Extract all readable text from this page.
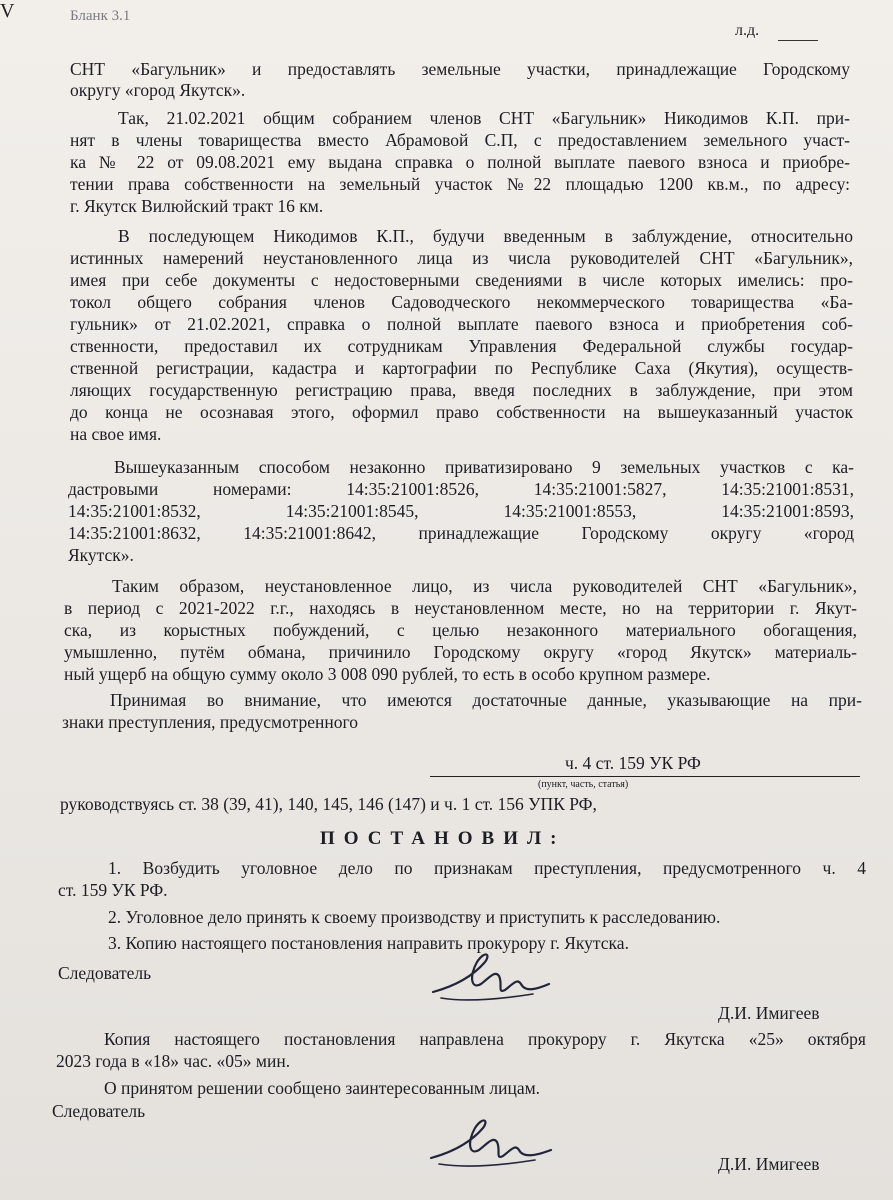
V	Бланк 3.1
л.д.
СНТ «Багульник» и предоставлять земельные участки, принадлежащие Городскому
округу «город Якутск».
Так, 21.02.2021 общим собранием членов СНТ «Багульник» Никодимов К.П. при-
нят в члены товарищества вместо Абрамовой С.П, с предоставлением земельного участ-
ка № 22 от 09.08.2021 ему выдана справка о полной выплате паевого взноса и приобре-
тении права собственности на земельный участок №22 площадью 1200 кв.м., по адресу:
г. Якутск Вилюйский тракт 16 км.
В последующем Никодимов К.П., будучи введенным в заблуждение, относительно
истинных намерений неустановленного лица из числа руководителей СНТ «Багульник»,
имея при себе документы с недостоверными сведениями в числе которых имелись: про-
токол общего собрания членов Садоводческого некоммерческого товарищества «Ба-
гульник» от 21.02.2021, справка о полной выплате паевого взноса и приобретения соб-
ственности, предоставил их сотрудникам Управления Федеральной службы государ-
ственной регистрации, кадастра и картографии по Республике Саха (Якутия), осуществ-
ляющих государственную регистрацию права, введя последних в заблуждение, при этом
до конца не осознавая этого, оформил право собственности на вышеуказанный участок
на свое имя.
Вышеуказанным способом незаконно приватизировано 9 земельных участков с ка-
дастровыми номерами: 14:35:21001:8526, 14:35:21001:5827, 14:35:21001:8531,
14:35:21001:8532, 14:35:21001:8545, 14:35:21001:8553, 14:35:21001:8593,
14:35:21001:8632, 14:35:21001:8642, принадлежащие Городскому округу «город
Якутск».
Таким образом, неустановленное лицо, из числа руководителей СНТ «Багульник»,
в период с 2021-2022 г.г., находясь в неустановленном месте, но на территории г. Якут-
ска, из корыстных побуждений, с целью незаконного материального обогащения,
умышленно, путём обмана, причинило Городскому округу «город Якутск» материаль-
ный ущерб на общую сумму около 3 008 090 рублей, то есть в особо крупном размере.
Принимая во внимание, что имеются достаточные данные, указывающие на при-
знаки преступления, предусмотренного
ч. 4 ст. 159 УК РФ
(пункт, часть, статья)
руководствуясь ст. 38 (39, 41), 140, 145, 146 (147) и ч. 1 ст. 156 УПК РФ,
ПОСТАНОВИЛ:
1. Возбудить уголовное дело по признакам преступления, предусмотренного ч. 4
ст. 159 УК РФ.
2. Уголовное дело принять к своему производству и приступить к расследованию.
3. Копию настоящего постановления направить прокурору г. Якутска.
Следователь
Д.И. Имигеев
Копия настоящего постановления направлена прокурору г. Якутска «25» октября
2023 года в «18» час. «05» мин.
О принятом решении сообщено заинтересованным лицам.
Следователь
Д.И. Имигеев
